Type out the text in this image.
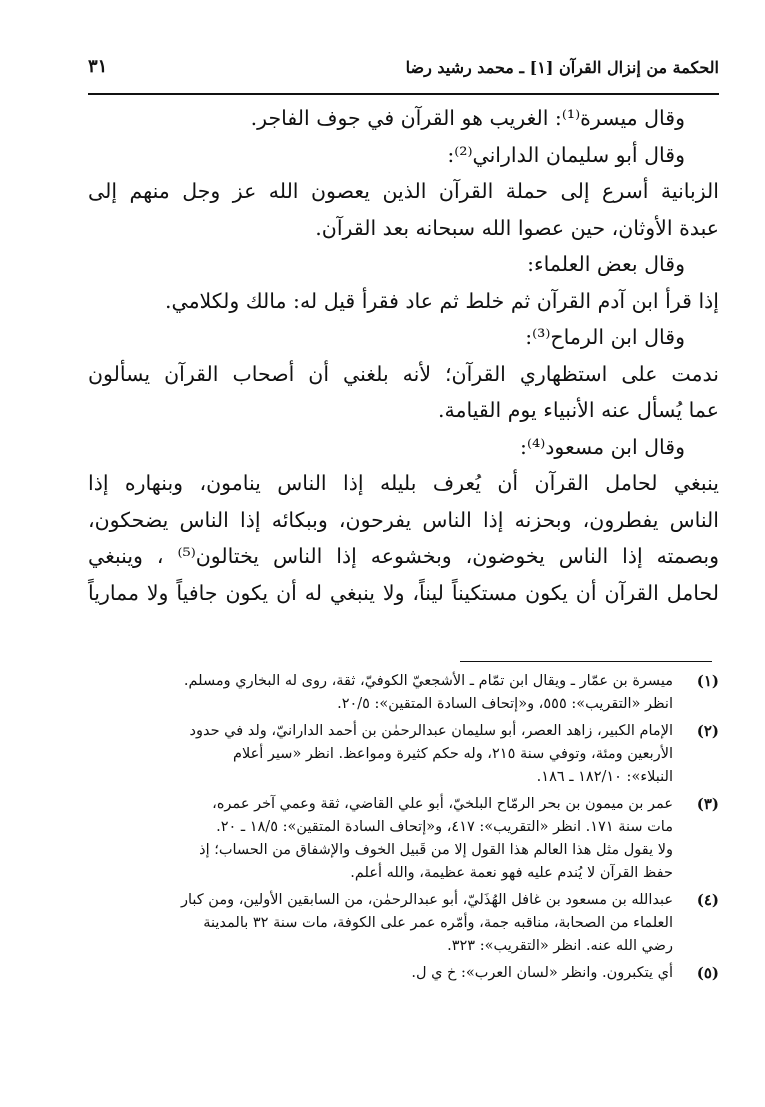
الحكمة من إنزال القرآن [١] ـ محمد رشيد رضا
٣١
وقال ميسرة⁽¹⁾: الغريب هو القرآن في جوف الفاجر.
وقال أبو سليمان الداراني⁽²⁾:
الزبانية أسرع إلى حملة القرآن الذين يعصون الله عز وجل منهم إلى
عبدة الأوثان، حين عصوا الله سبحانه بعد القرآن.
وقال بعض العلماء:
إذا قرأ ابن آدم القرآن ثم خلط ثم عاد فقرأ قيل له: مالك ولكلامي.
وقال ابن الرماح⁽³⁾:
ندمت على استظهاري القرآن؛ لأنه بلغني أن أصحاب القرآن يسألون
عما يُسأل عنه الأنبياء يوم القيامة.
وقال ابن مسعود⁽⁴⁾:
ينبغي لحامل القرآن أن يُعرف بليله إذا الناس ينامون، وبنهاره إذا
الناس يفطرون، وبحزنه إذا الناس يفرحون، وببكائه إذا الناس يضحكون،
وبصمته إذا الناس يخوضون، وبخشوعه إذا الناس يختالون⁽⁵⁾ ، وينبغي
لحامل القرآن أن يكون مستكيناً ليناً، ولا ينبغي له أن يكون جافياً ولا ممارياً
(١)
ميسرة بن عمّار ـ ويقال ابن تمّام ـ الأشجعيّ الكوفيّ، ثقة، روى له البخاري ومسلم.
انظر «التقريب»: ٥٥٥، و«إتحاف السادة المتقين»: ٢٠/٥.
(٢)
الإمام الكبير، زاهد العصر، أبو سليمان عبدالرحمٰن بن أحمد الدارانيّ، ولد في حدود
الأربعين ومئة، وتوفي سنة ٢١٥، وله حكم كثيرة ومواعظ. انظر «سير أعلام
النبلاء»: ١٨٢/١٠ ـ ١٨٦.
(٣)
عمر بن ميمون بن بحر الرمّاح البلخيّ، أبو علي القاضي، ثقة وعمي آخر عمره،
مات سنة ١٧١. انظر «التقريب»: ٤١٧، و«إتحاف السادة المتقين»: ١٨/٥ ـ ٢٠.
ولا يقول مثل هذا العالم هذا القول إلا من قَبيل الخوف والإشفاق من الحساب؛ إذ
حفظ القرآن لا يُندم عليه فهو نعمة عظيمة، والله أعلم.
(٤)
عبدالله بن مسعود بن غافل الهُذَليّ، أبو عبدالرحمٰن، من السابقين الأولين، ومن كبار
العلماء من الصحابة، مناقبه جمة، وأمّره عمر على الكوفة، مات سنة ٣٢ بالمدينة
رضي الله عنه. انظر «التقريب»: ٣٢٣.
(٥)
أي يتكبرون. وانظر «لسان العرب»: خ ي ل.
